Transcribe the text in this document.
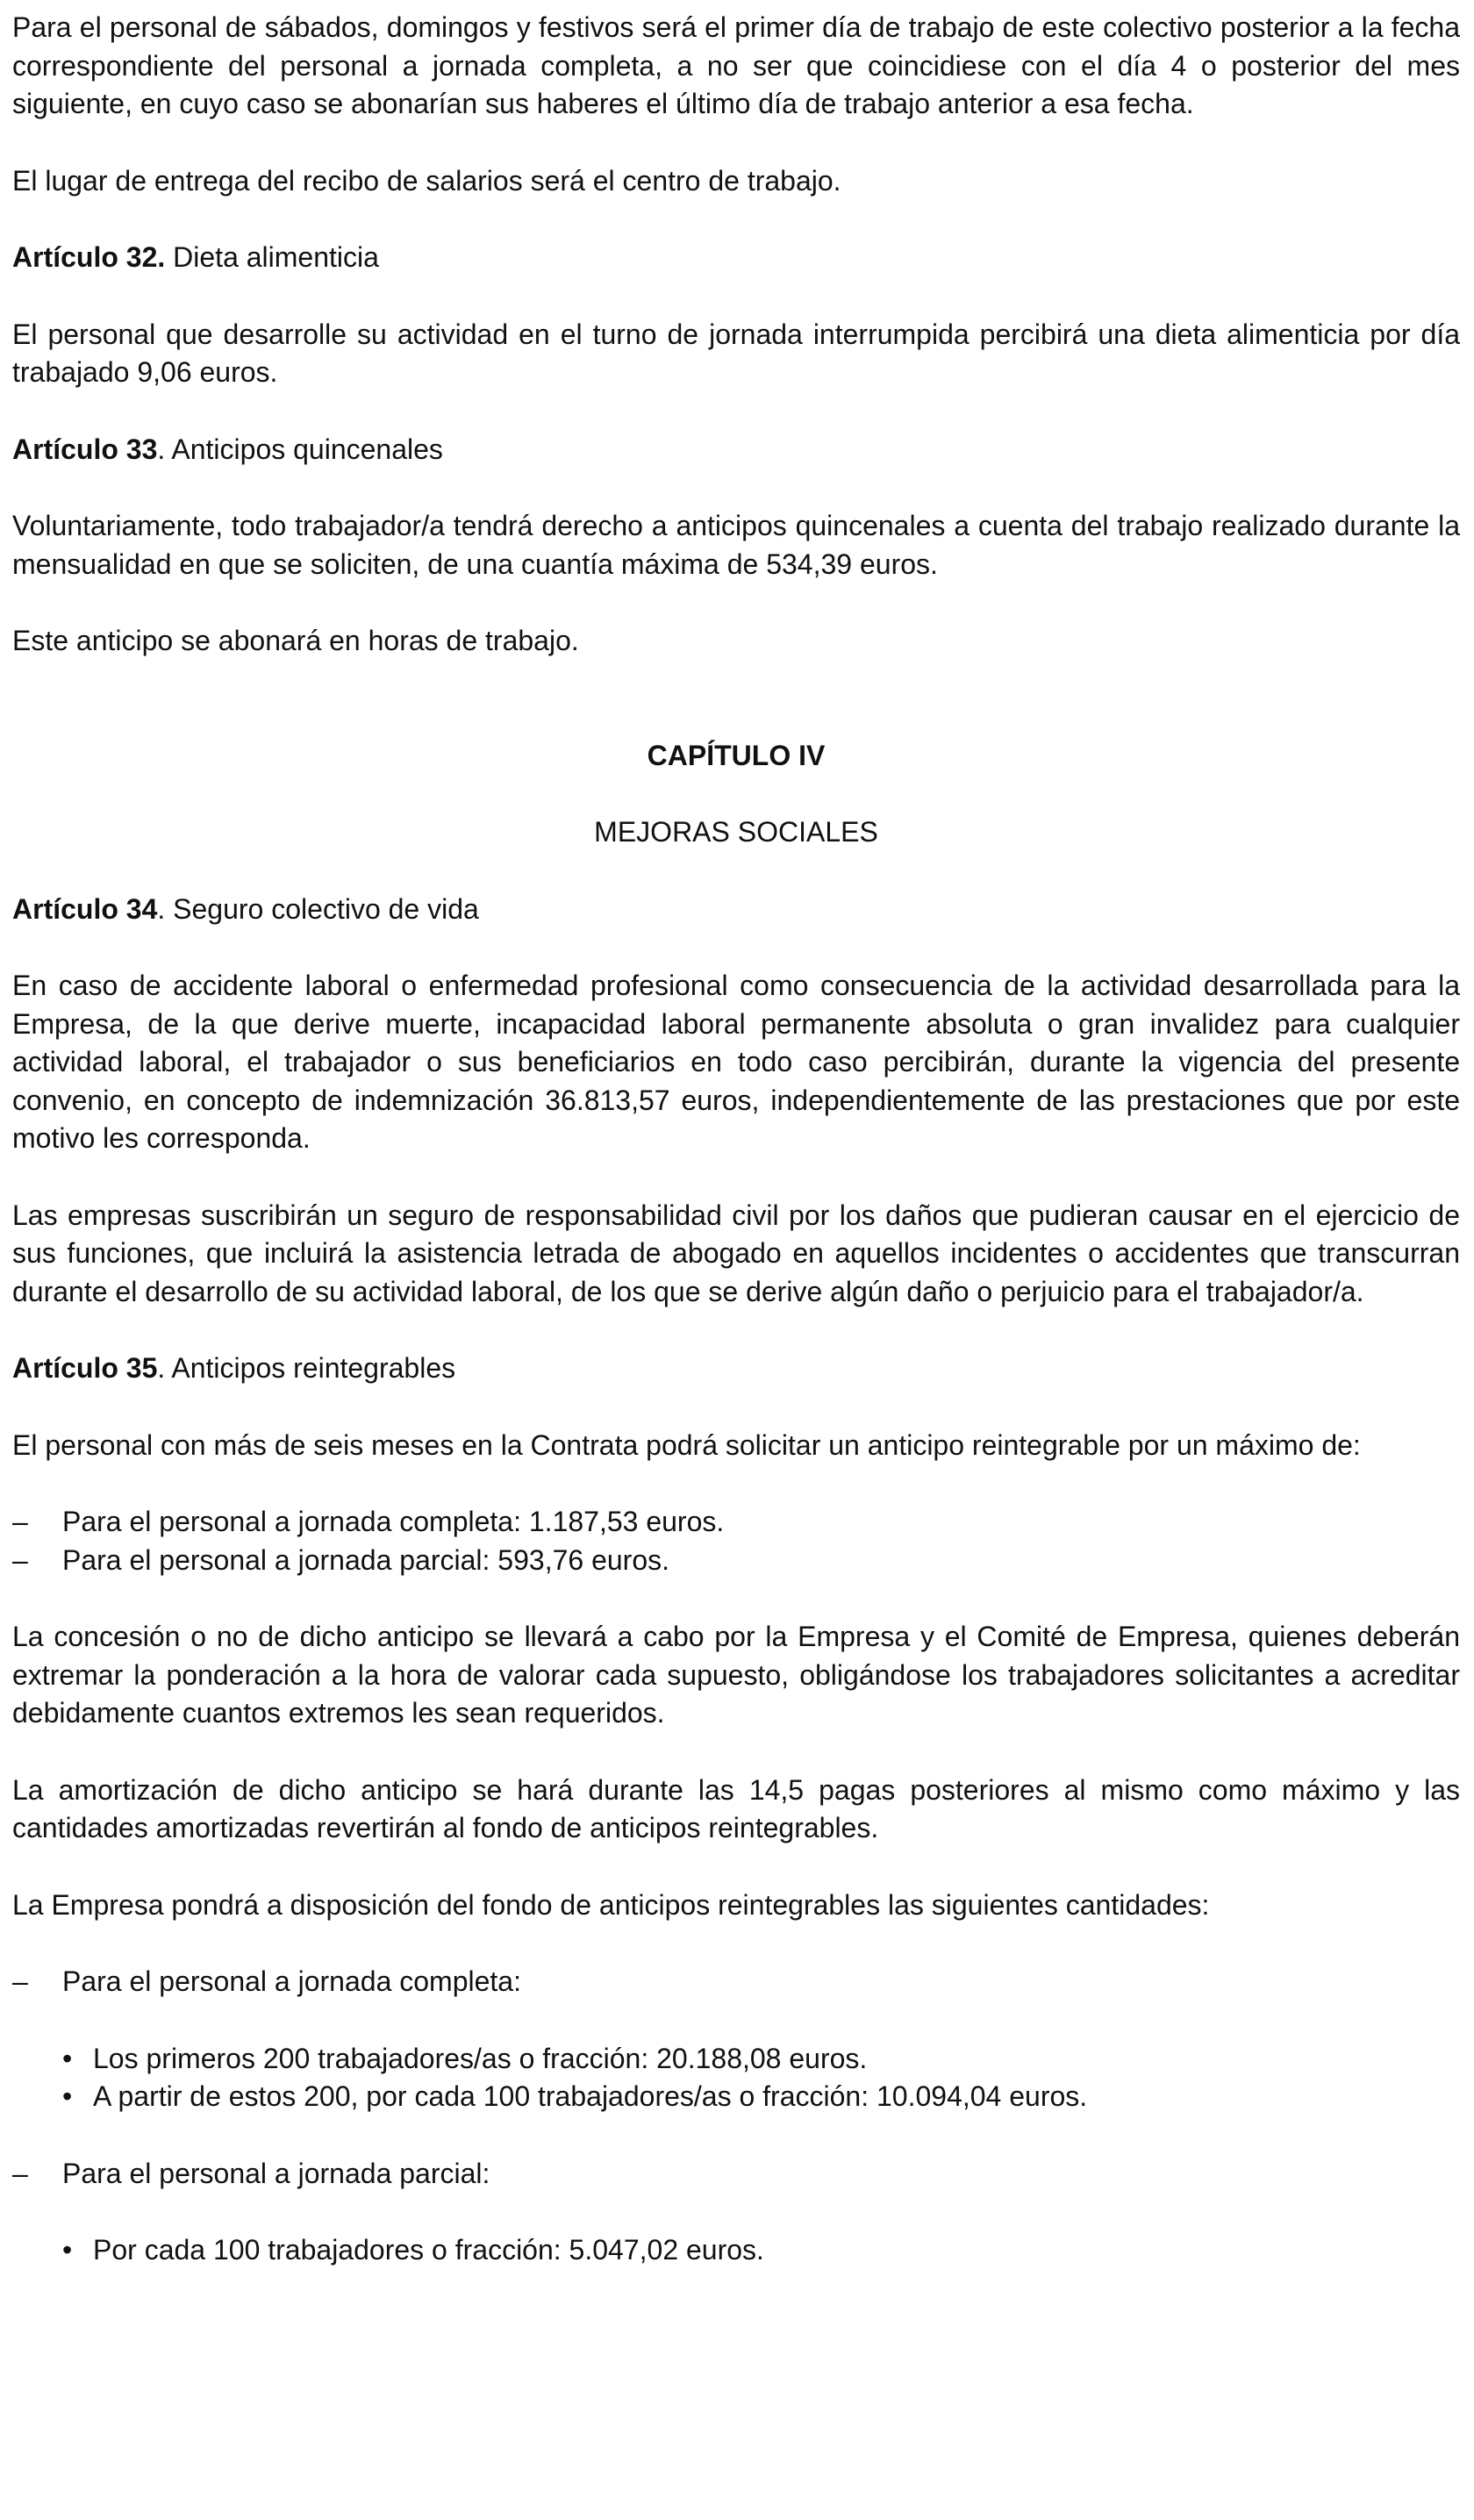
Para el personal de sábados, domingos y festivos será el primer día de trabajo de este colectivo posterior a la fecha correspondiente del personal a jornada completa, a no ser que coincidiese con el día 4 o posterior del mes siguiente, en cuyo caso se abonarían sus haberes el último día de trabajo anterior a esa fecha.

El lugar de entrega del recibo de salarios será el centro de trabajo.

Artículo 32. Dieta alimenticia

El personal que desarrolle su actividad en el turno de jornada interrumpida percibirá una dieta alimenticia por día trabajado 9,06 euros.

Artículo 33. Anticipos quincenales

Voluntariamente, todo trabajador/a tendrá derecho a anticipos quincenales a cuenta del trabajo realizado durante la mensualidad en que se soliciten, de una cuantía máxima de 534,39 euros.

Este anticipo se abonará en horas de trabajo.

CAPÍTULO IV
MEJORAS SOCIALES
Artículo 34. Seguro colectivo de vida

En caso de accidente laboral o enfermedad profesional como consecuencia de la actividad desarrollada para la Empresa, de la que derive muerte, incapacidad laboral permanente absoluta o gran invalidez para cualquier actividad laboral, el trabajador o sus beneficiarios en todo caso percibirán, durante la vigencia del presente convenio, en concepto de indemnización 36.813,57 euros, independientemente de las prestaciones que por este motivo les corresponda.

Las empresas suscribirán un seguro de responsabilidad civil por los daños que pudieran causar en el ejercicio de sus funciones, que incluirá la asistencia letrada de abogado en aquellos incidentes o accidentes que transcurran durante el desarrollo de su actividad laboral, de los que se derive algún daño o perjuicio para el trabajador/a.

Artículo 35. Anticipos reintegrables

El personal con más de seis meses en la Contrata podrá solicitar un anticipo reintegrable por un máximo de:

– Para el personal a jornada completa: 1.187,53 euros.
– Para el personal a jornada parcial: 593,76 euros.

La concesión o no de dicho anticipo se llevará a cabo por la Empresa y el Comité de Empresa, quienes deberán extremar la ponderación a la hora de valorar cada supuesto, obligándose los trabajadores solicitantes a acreditar debidamente cuantos extremos les sean requeridos.

La amortización de dicho anticipo se hará durante las 14,5 pagas posteriores al mismo como máximo y las cantidades amortizadas revertirán al fondo de anticipos reintegrables.

La Empresa pondrá a disposición del fondo de anticipos reintegrables las siguientes cantidades:

– Para el personal a jornada completa:
• Los primeros 200 trabajadores/as o fracción: 20.188,08 euros.
• A partir de estos 200, por cada 100 trabajadores/as o fracción: 10.094,04 euros.
– Para el personal a jornada parcial:
• Por cada 100 trabajadores o fracción: 5.047,02 euros.
